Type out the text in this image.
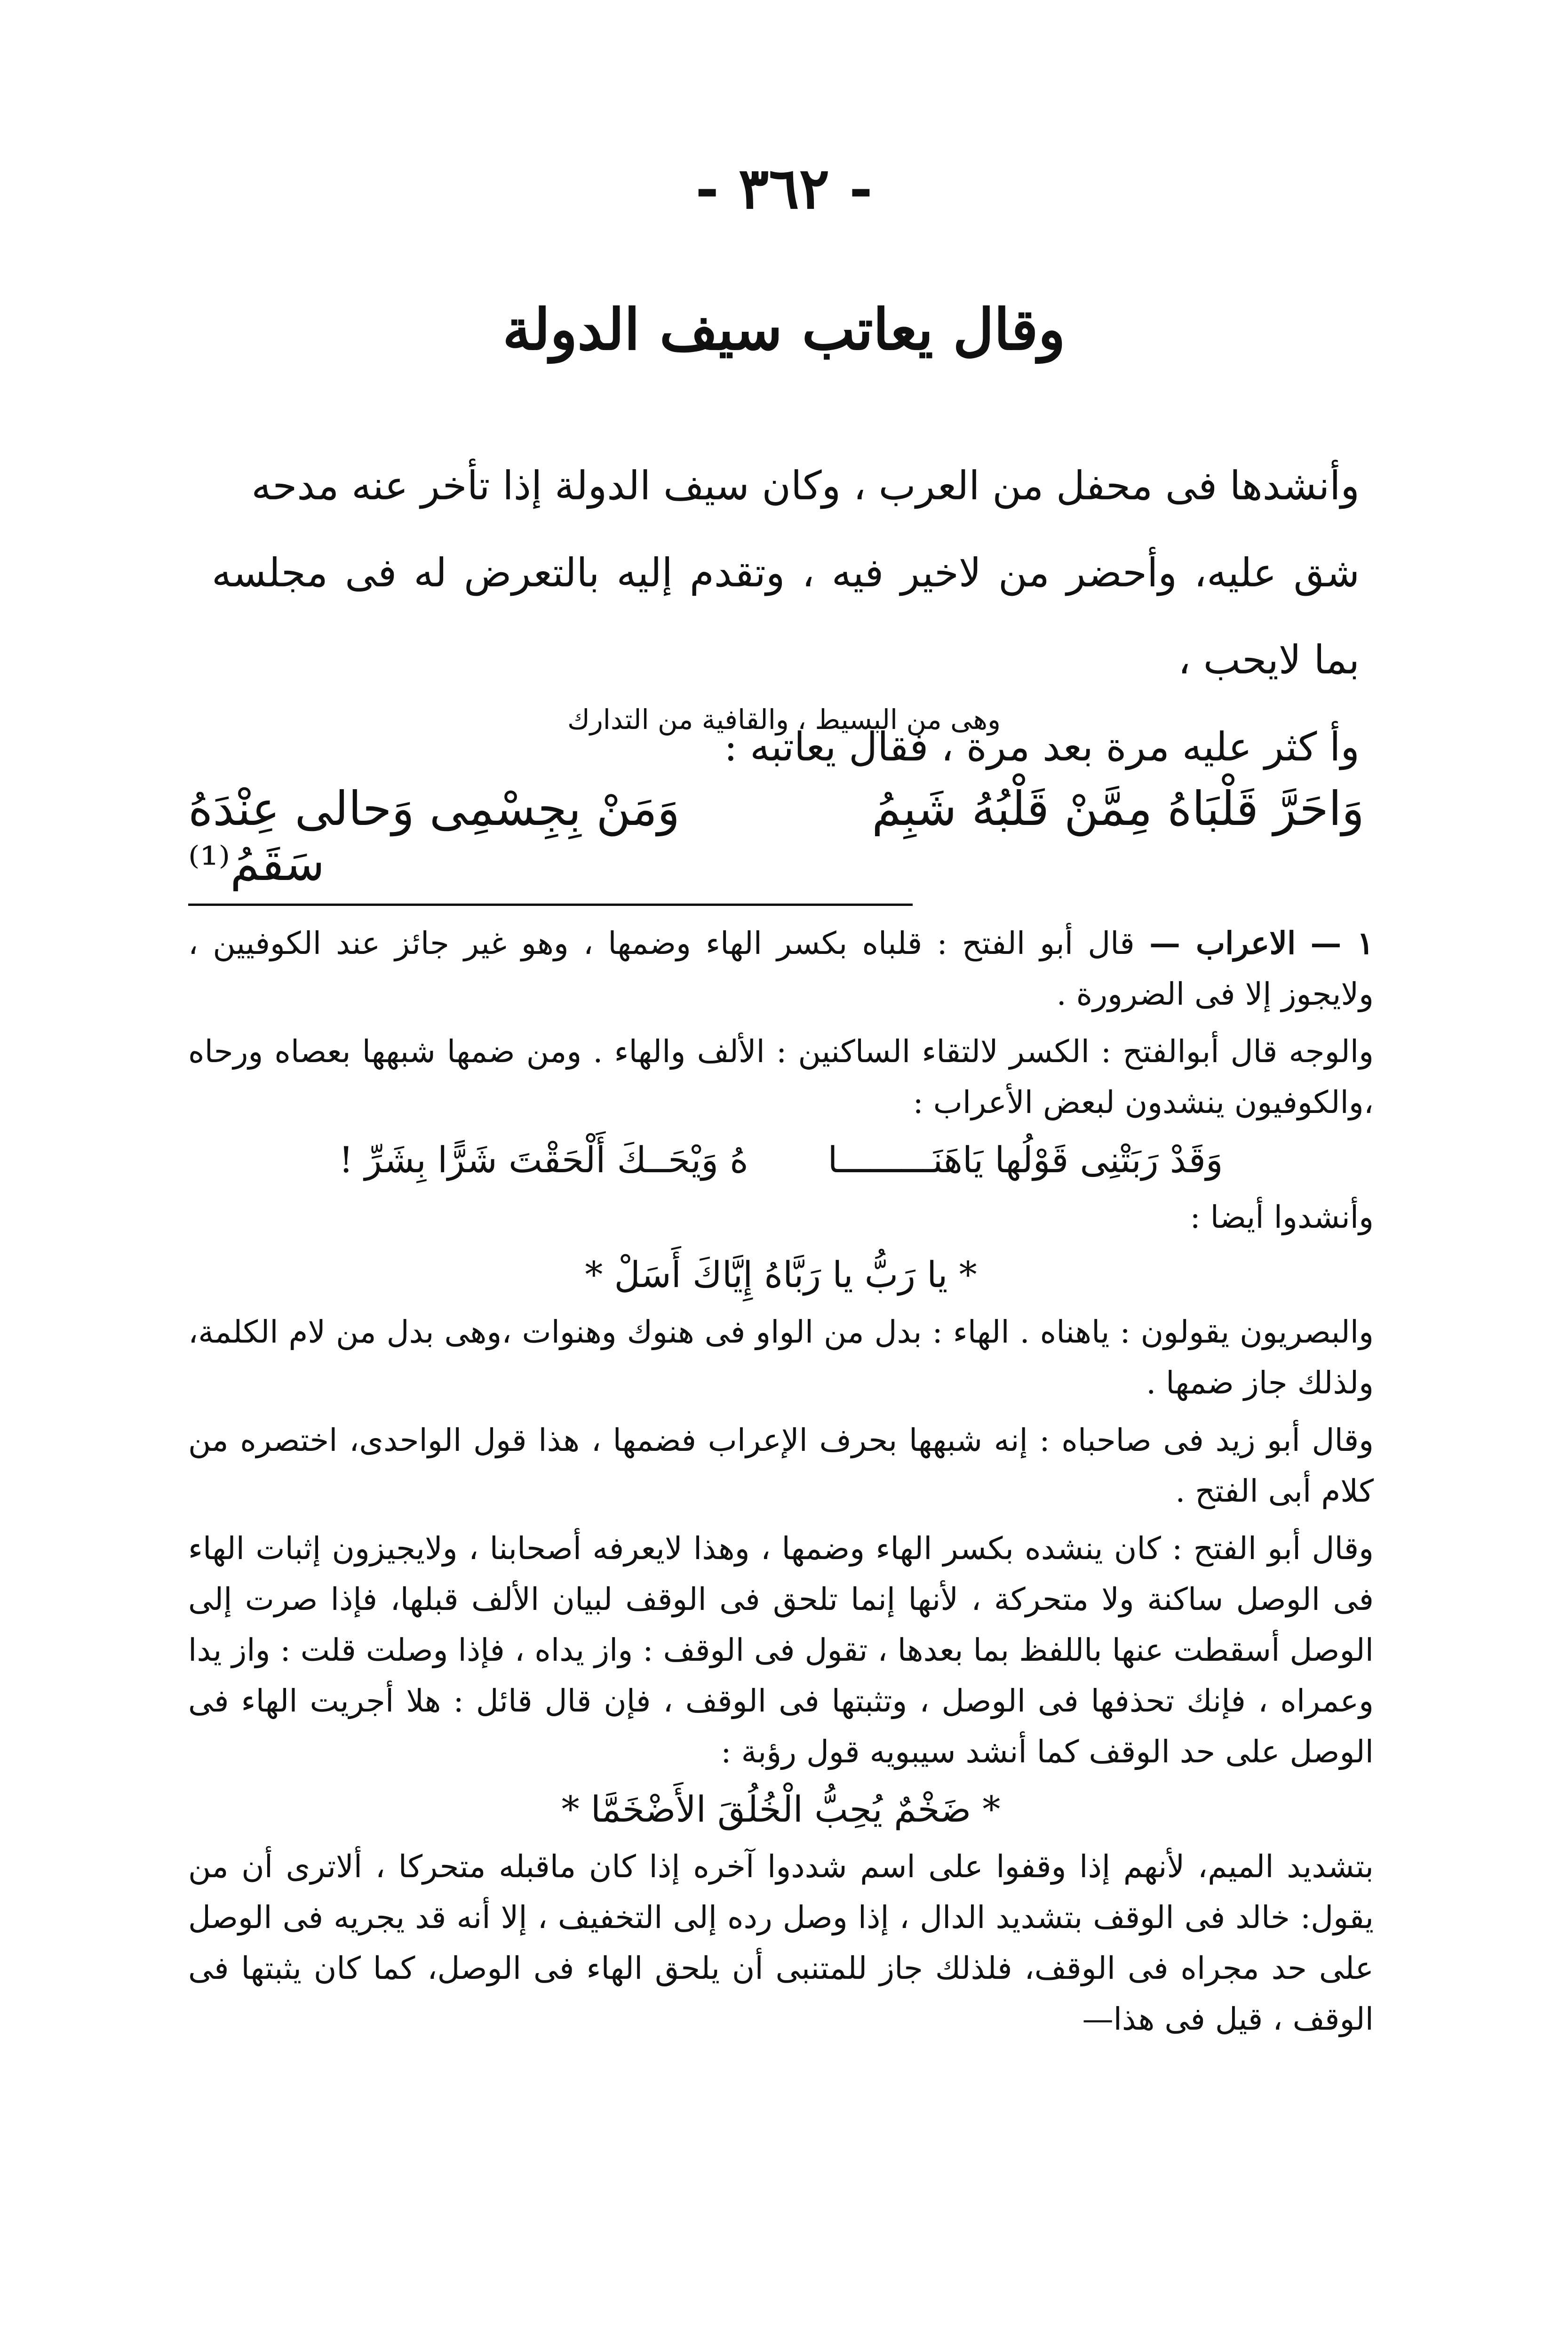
- ٣٦٢ -
وقال يعاتب سيف الدولة
وأنشدها فى محفل من العرب ، وكان سيف الدولة إذا تأخر عنه مدحه
شق عليه، وأحضر من لاخير فيه ، وتقدم إليه بالتعرض له فى مجلسه بما لايحب ،
وأ كثر عليه مرة بعد مرة ، فقال يعاتبه :
وهى من البسيط ، والقافية من التدارك
وَاحَرَّ قَلْبَاهُ مِمَّنْ قَلْبُهُ شَبِمُ
وَمَنْ بِجِسْمِى وَحالى عِنْدَهُ سَقَمُ⁽¹⁾

١ — الاعراب — قال أبو الفتح : قلباه بكسر الهاء وضمها ، وهو غير جائز عند الكوفيين ، ولايجوز إلا فى الضرورة .

والوجه قال أبوالفتح : الكسر لالتقاء الساكنين : الألف والهاء . ومن ضمها شبهها بعصاه ورحاه ،والكوفيون ينشدون لبعض الأعراب :

وَقَدْ رَبَتْنِى قَوْلُها يَاهَنَـــــــــا  هُ وَيْحَــكَ أَلْحَقْتَ شَرًّا بِشَرِّ !

وأنشدوا أيضا :

* يا رَبُّ يا رَبَّاهُ إِيَّاكَ أَسَلْ *

والبصريون يقولون : ياهناه . الهاء : بدل من الواو فى هنوك وهنوات ،وهى بدل من لام الكلمة، ولذلك جاز ضمها .

وقال أبو زيد فى صاحباه : إنه شبهها بحرف الإعراب فضمها ، هذا قول الواحدى، اختصره من كلام أبى الفتح .

وقال أبو الفتح : كان ينشده بكسر الهاء وضمها ، وهذا لايعرفه أصحابنا ، ولايجيزون إثبات الهاء فى الوصل ساكنة ولا متحركة ، لأنها إنما تلحق فى الوقف لبيان الألف قبلها، فإذا صرت إلى الوصل أسقطت عنها باللفظ بما بعدها ، تقول فى الوقف : واز يداه ، فإذا وصلت قلت : واز يدا وعمراه ، فإنك تحذفها فى الوصل ، وتثبتها فى الوقف ، فإن قال قائل : هلا أجريت الهاء فى الوصل على حد الوقف كما أنشد سيبويه قول رؤبة :

* ضَخْمٌ يُحِبُّ الْخُلُقَ الأَضْخَمَّا *

بتشديد الميم، لأنهم إذا وقفوا على اسم شددوا آخره إذا كان ماقبله متحركا ، ألاترى أن من يقول: خالد فى الوقف بتشديد الدال ، إذا وصل رده إلى التخفيف ، إلا أنه قد يجريه فى الوصل على حد مجراه فى الوقف، فلذلك جاز للمتنبى أن يلحق الهاء فى الوصل، كما كان يثبتها فى الوقف ، قيل فى هذا—
